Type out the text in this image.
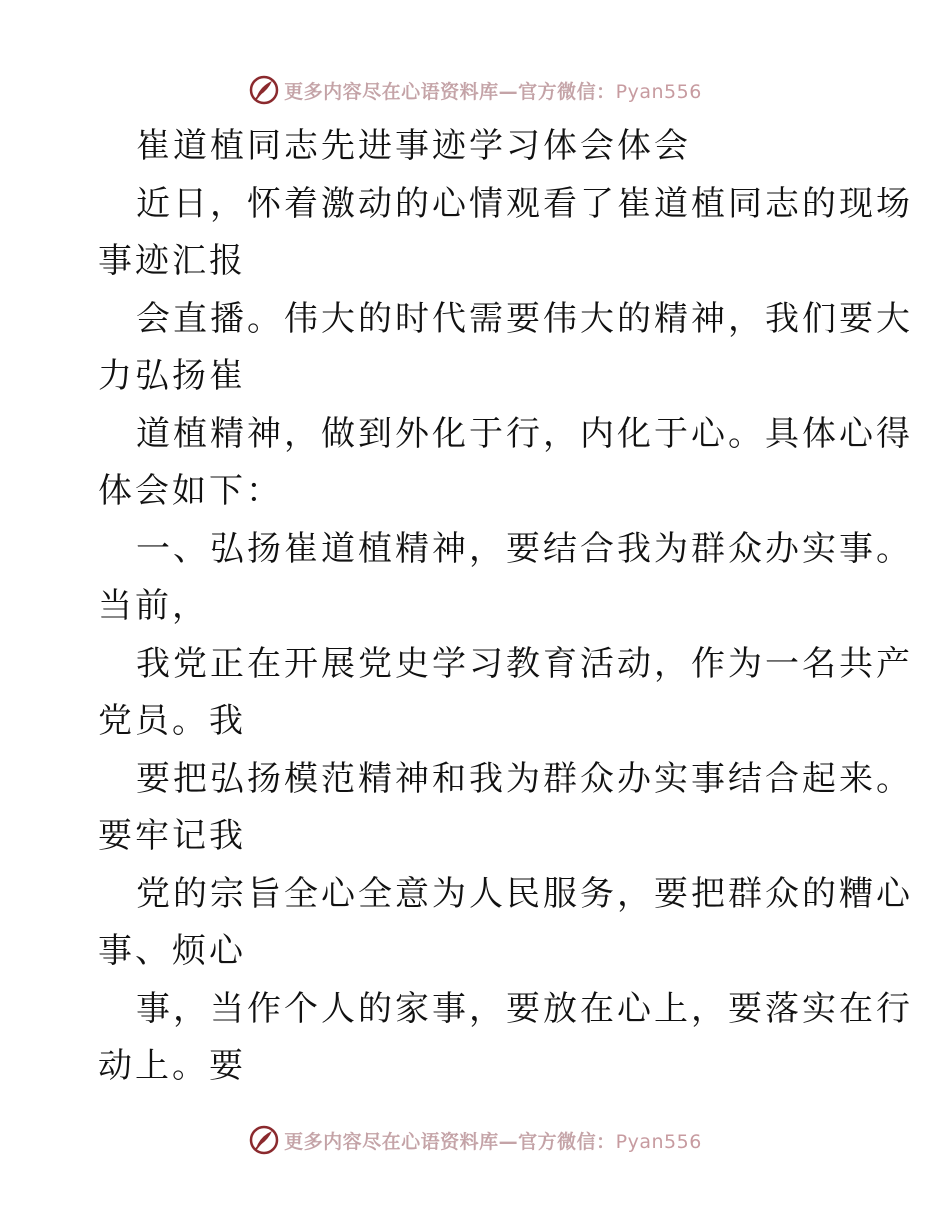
更多内容尽在心语资料库—官方微信：Pyan556
崔道植同志先进事迹学习体会体会
近日，怀着激动的心情观看了崔道植同志的现场
事迹汇报
会直播。伟大的时代需要伟大的精神，我们要大
力弘扬崔
道植精神，做到外化于行，内化于心。具体心得
体会如下：
一、弘扬崔道植精神，要结合我为群众办实事。
当前，
我党正在开展党史学习教育活动，作为一名共产
党员。我
要把弘扬模范精神和我为群众办实事结合起来。
要牢记我
党的宗旨全心全意为人民服务，要把群众的糟心
事、烦心
事，当作个人的家事，要放在心上，要落实在行
动上。要
更多内容尽在心语资料库—官方微信：Pyan556
